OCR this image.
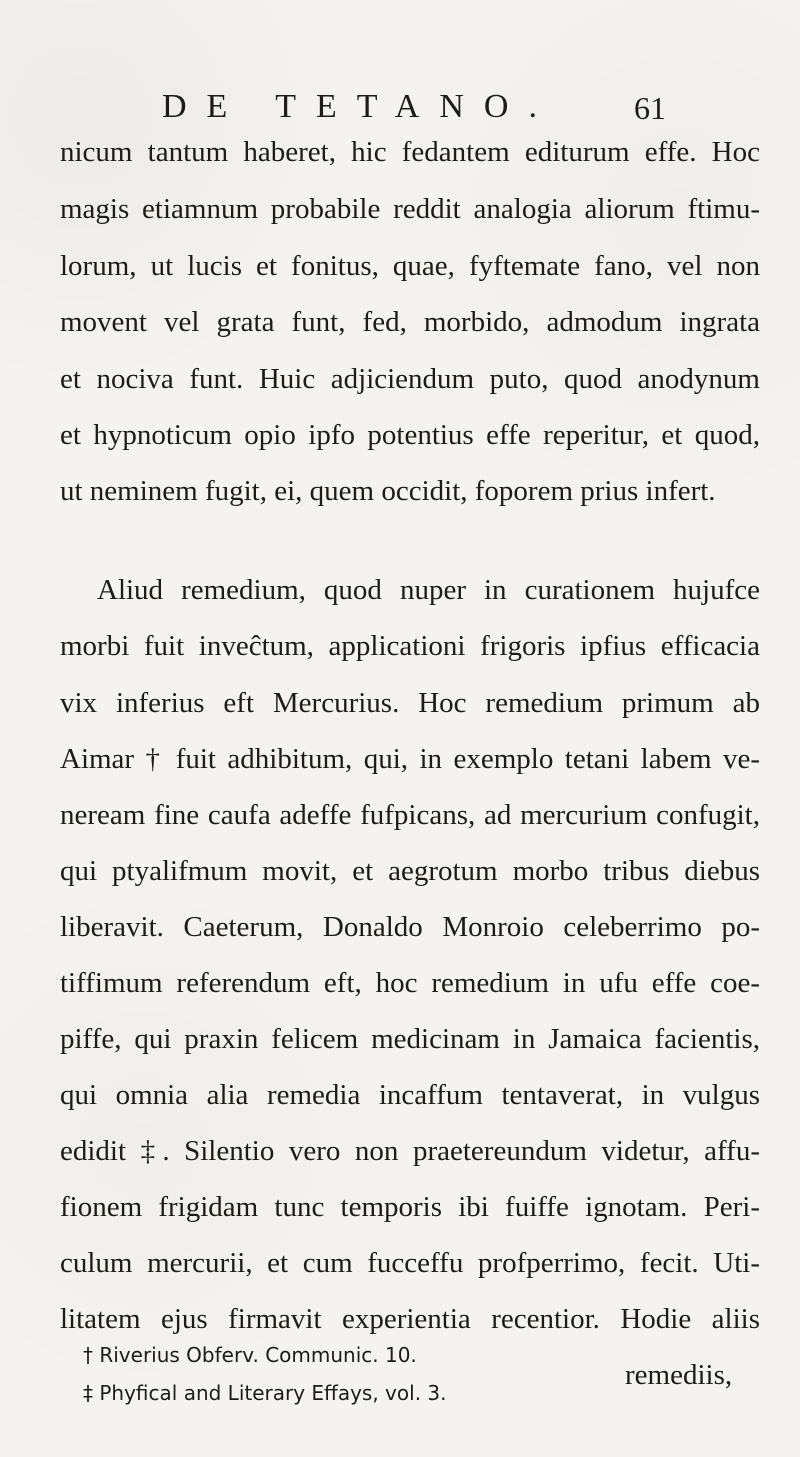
DE TETANO. 61
nicum tantum haberet, hic fedantem editurum effe. Hoc
magis etiamnum probabile reddit analogia aliorum ftimu-
lorum, ut lucis et fonitus, quae, fyftemate fano, vel non
movent vel grata funt, fed, morbido, admodum ingrata
et nociva funt. Huic adjiciendum puto, quod anodynum
et hypnoticum opio ipfo potentius effe reperitur, et quod,
ut neminem fugit, ei, quem occidit, foporem prius infert.
Aliud remedium, quod nuper in curationem hujufce
morbi fuit inveĉtum, applicationi frigoris ipfius efficacia
vix inferius eft Mercurius. Hoc remedium primum ab
Aimar † fuit adhibitum, qui, in exemplo tetani labem ve-
neream fine caufa adeffe fufpicans, ad mercurium confugit,
qui ptyalifmum movit, et aegrotum morbo tribus diebus
liberavit. Caeterum, Donaldo Monroio celeberrimo po-
tiffimum referendum eft, hoc remedium in ufu effe coe-
piffe, qui praxin felicem medicinam in Jamaica facientis,
qui omnia alia remedia incaffum tentaverat, in vulgus
edidit ‡. Silentio vero non praetereundum videtur, affu-
fionem frigidam tunc temporis ibi fuiffe ignotam. Peri-
culum mercurii, et cum fucceffu profperrimo, fecit. Uti-
litatem ejus firmavit experientia recentior. Hodie aliis
remediis,
† Riverius Obferv. Communic. 10.
‡ Phyfical and Literary Effays, vol. 3.
